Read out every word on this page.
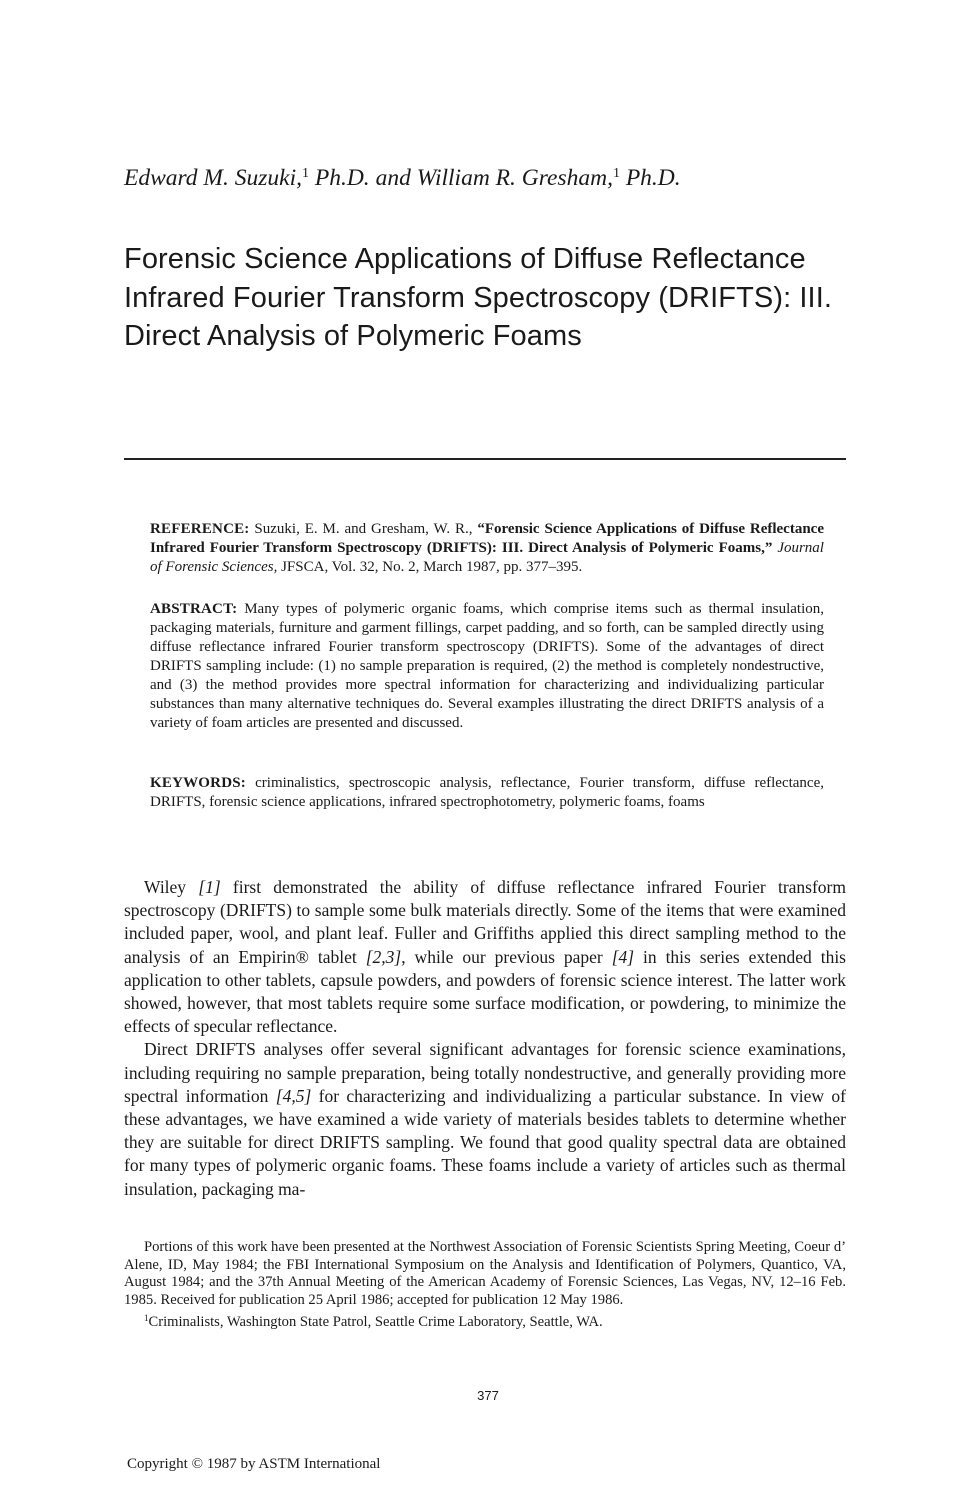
Edward M. Suzuki,$^1$ Ph.D. and William R. Gresham,$^1$ Ph.D.
Forensic Science Applications of Diffuse Reflectance Infrared Fourier Transform Spectroscopy (DRIFTS): III. Direct Analysis of Polymeric Foams
REFERENCE: Suzuki, E. M. and Gresham, W. R., “Forensic Science Applications of Diffuse Reflectance Infrared Fourier Transform Spectroscopy (DRIFTS): III. Direct Analysis of Polymeric Foams,” Journal of Forensic Sciences, JFSCA, Vol. 32, No. 2, March 1987, pp. 377–395.
ABSTRACT: Many types of polymeric organic foams, which comprise items such as thermal insulation, packaging materials, furniture and garment fillings, carpet padding, and so forth, can be sampled directly using diffuse reflectance infrared Fourier transform spectroscopy (DRIFTS). Some of the advantages of direct DRIFTS sampling include: (1) no sample preparation is required, (2) the method is completely nondestructive, and (3) the method provides more spectral information for characterizing and individualizing particular substances than many alternative techniques do. Several examples illustrating the direct DRIFTS analysis of a variety of foam articles are presented and discussed.
KEYWORDS: criminalistics, spectroscopic analysis, reflectance, Fourier transform, diffuse reflectance, DRIFTS, forensic science applications, infrared spectrophotometry, polymeric foams, foams

Wiley [1] first demonstrated the ability of diffuse reflectance infrared Fourier transform spectroscopy (DRIFTS) to sample some bulk materials directly. Some of the items that were examined included paper, wool, and plant leaf. Fuller and Griffiths applied this direct sampling method to the analysis of an Empirin® tablet [2,3], while our previous paper [4] in this series extended this application to other tablets, capsule powders, and powders of forensic science interest. The latter work showed, however, that most tablets require some surface modification, or powdering, to minimize the effects of specular reflectance.

Direct DRIFTS analyses offer several significant advantages for forensic science examinations, including requiring no sample preparation, being totally nondestructive, and generally providing more spectral information [4,5] for characterizing and individualizing a particular substance. In view of these advantages, we have examined a wide variety of materials besides tablets to determine whether they are suitable for direct DRIFTS sampling. We found that good quality spectral data are obtained for many types of polymeric organic foams. These foams include a variety of articles such as thermal insulation, packaging ma-

Portions of this work have been presented at the Northwest Association of Forensic Scientists Spring Meeting, Coeur d’ Alene, ID, May 1984; the FBI International Symposium on the Analysis and Identification of Polymers, Quantico, VA, August 1984; and the 37th Annual Meeting of the American Academy of Forensic Sciences, Las Vegas, NV, 12–16 Feb. 1985. Received for publication 25 April 1986; accepted for publication 12 May 1986.

$^1$Criminalists, Washington State Patrol, Seattle Crime Laboratory, Seattle, WA.

377
Copyright © 1987 by ASTM International
